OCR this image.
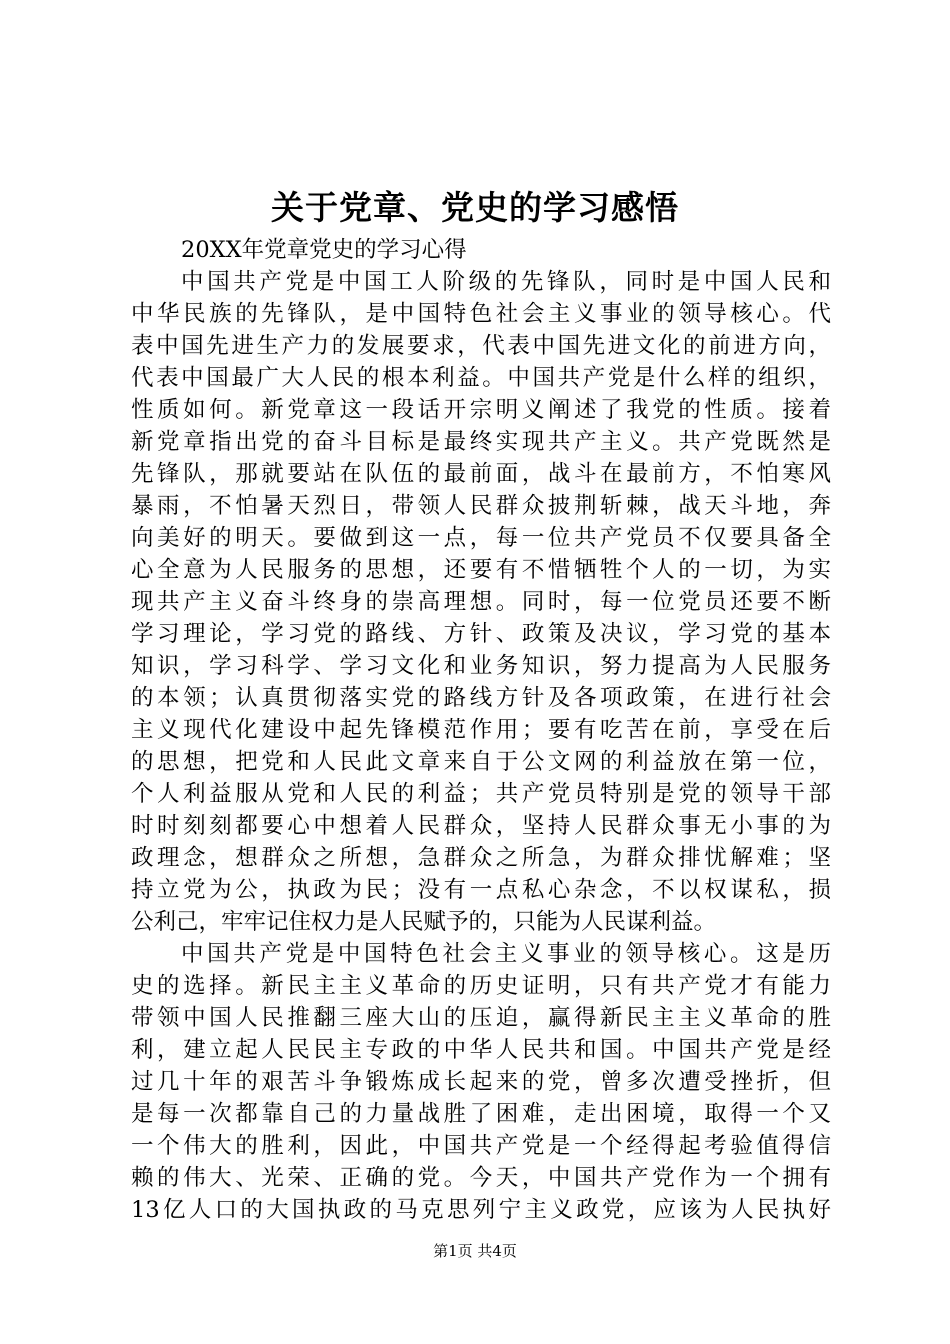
关于党章、党史的学习感悟
20XX年党章党史的学习心得
中国共产党是中国工人阶级的先锋队，同时是中国人民和
中华民族的先锋队，是中国特色社会主义事业的领导核心。代
表中国先进生产力的发展要求，代表中国先进文化的前进方向，
代表中国最广大人民的根本利益。中国共产党是什么样的组织，
性质如何。新党章这一段话开宗明义阐述了我党的性质。接着
新党章指出党的奋斗目标是最终实现共产主义。共产党既然是
先锋队，那就要站在队伍的最前面，战斗在最前方，不怕寒风
暴雨，不怕暑天烈日，带领人民群众披荆斩棘，战天斗地，奔
向美好的明天。要做到这一点，每一位共产党员不仅要具备全
心全意为人民服务的思想，还要有不惜牺牲个人的一切，为实
现共产主义奋斗终身的崇高理想。同时，每一位党员还要不断
学习理论，学习党的路线、方针、政策及决议，学习党的基本
知识，学习科学、学习文化和业务知识，努力提高为人民服务
的本领；认真贯彻落实党的路线方针及各项政策，在进行社会
主义现代化建设中起先锋模范作用；要有吃苦在前，享受在后
的思想，把党和人民此文章来自于公文网的利益放在第一位，
个人利益服从党和人民的利益；共产党员特别是党的领导干部
时时刻刻都要心中想着人民群众，坚持人民群众事无小事的为
政理念，想群众之所想，急群众之所急，为群众排忧解难；坚
持立党为公，执政为民；没有一点私心杂念，不以权谋私，损
公利己，牢牢记住权力是人民赋予的，只能为人民谋利益。
中国共产党是中国特色社会主义事业的领导核心。这是历
史的选择。新民主主义革命的历史证明，只有共产党才有能力
带领中国人民推翻三座大山的压迫，赢得新民主主义革命的胜
利，建立起人民民主专政的中华人民共和国。中国共产党是经
过几十年的艰苦斗争锻炼成长起来的党，曾多次遭受挫折，但
是每一次都靠自己的力量战胜了困难，走出困境，取得一个又
一个伟大的胜利，因此，中国共产党是一个经得起考验值得信
赖的伟大、光荣、正确的党。今天，中国共产党作为一个拥有
13亿人口的大国执政的马克思列宁主义政党，应该为人民执好
第1页 共4页
